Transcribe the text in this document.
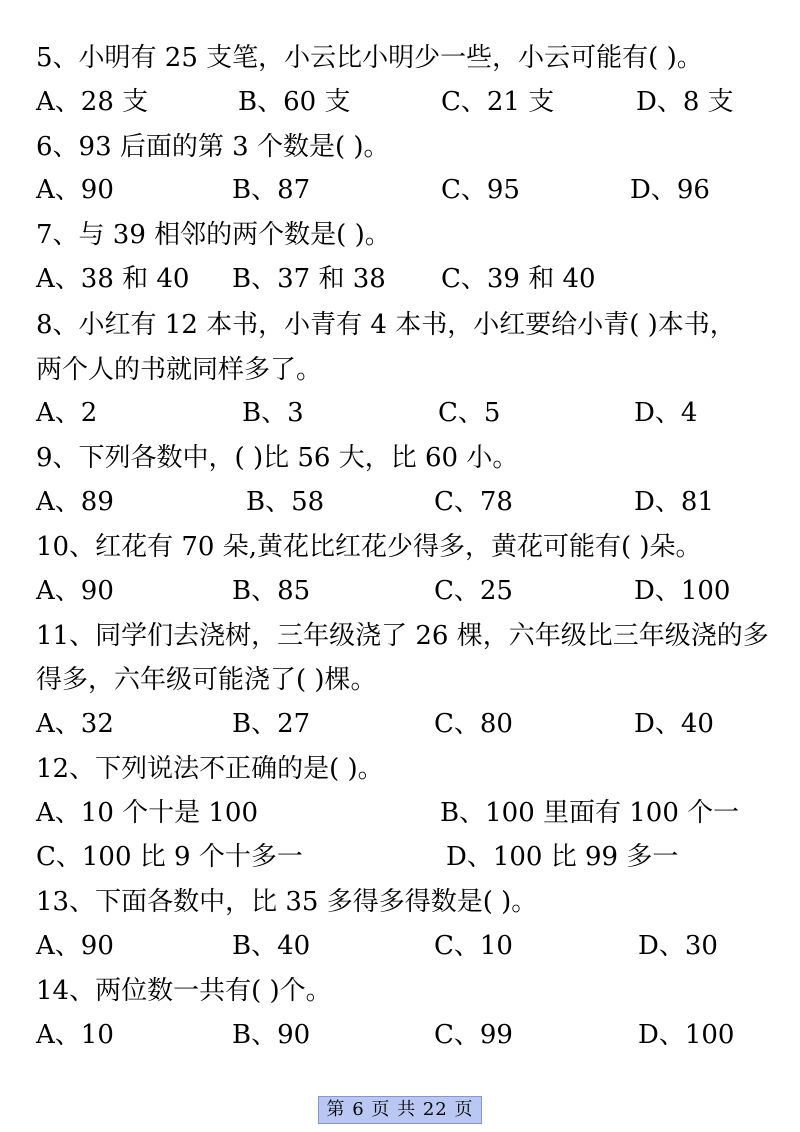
5、小明有 25 支笔，小云比小明少一些，小云可能有( )。
A、28 支	B、60 支	C、21 支	D、8 支
6、93 后面的第 3 个数是( )。
A、90	B、87	C、95	D、96
7、与 39 相邻的两个数是( )。
A、38 和 40 B、37 和 38 C、39 和 40
8、小红有 12 本书，小青有 4 本书，小红要给小青( )本书，
两个人的书就同样多了。
A、2	B、3	C、5	D、4
9、下列各数中，( )比 56 大，比 60 小。
A、89	B、58	C、78	D、81
10、红花有 70 朵,黄花比红花少得多，黄花可能有( )朵。
A、90	B、85	C、25	D、100
11、同学们去浇树，三年级浇了 26 棵，六年级比三年级浇的多
得多，六年级可能浇了( )棵。
A、32	B、27	C、80	D、40
12、下列说法不正确的是( )。
A、10 个十是 100	B、100 里面有 100 个一
C、100 比 9 个十多一	D、100 比 99 多一
13、下面各数中，比 35 多得多得数是( )。
A、90	B、40	C、10	D、30
14、两位数一共有( )个。
A、10	B、90	C、99	D、100
第 6 页 共 22 页
